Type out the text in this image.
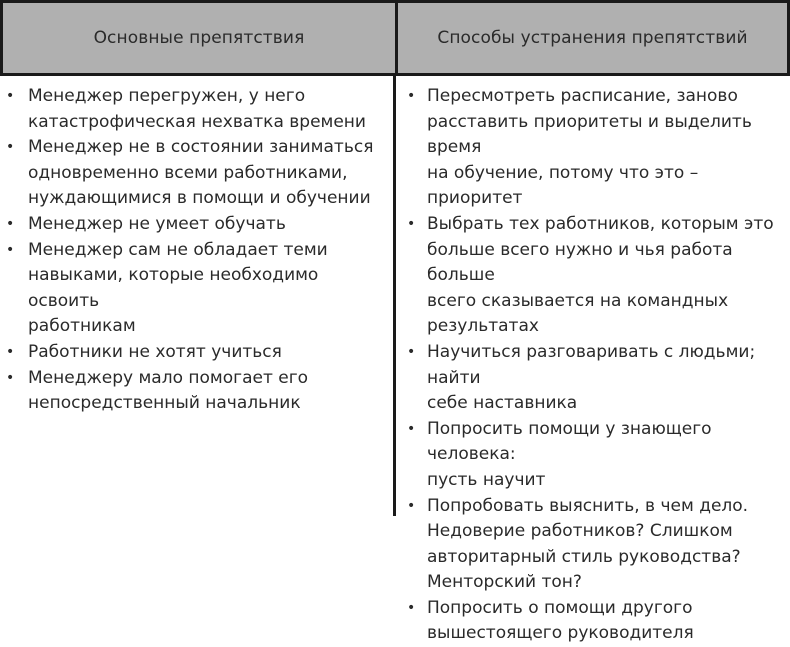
Основные препятствия	Способы устранения препятствий
• Менеджер перегружен, у него
катастрофическая нехватка времени
• Менеджер не в состоянии заниматься
одновременно всеми работниками,
нуждающимися в помощи и обучении
• Менеджер не умеет обучать
• Менеджер сам не обладает теми
навыками, которые необходимо освоить
работникам
• Работники не хотят учиться
• Менеджеру мало помогает его
непосредственный начальник
• Пересмотреть расписание, заново
расставить приоритеты и выделить время
на обучение, потому что это – приоритет
• Выбрать тех работников, которым это
больше всего нужно и чья работа больше
всего сказывается на командных
результатах
• Научиться разговаривать с людьми; найти
себе наставника
• Попросить помощи у знающего человека:
пусть научит
• Попробовать выяснить, в чем дело.
Недоверие работников? Слишком
авторитарный стиль руководства?
Менторский тон?
• Попросить о помощи другого
вышестоящего руководителя
